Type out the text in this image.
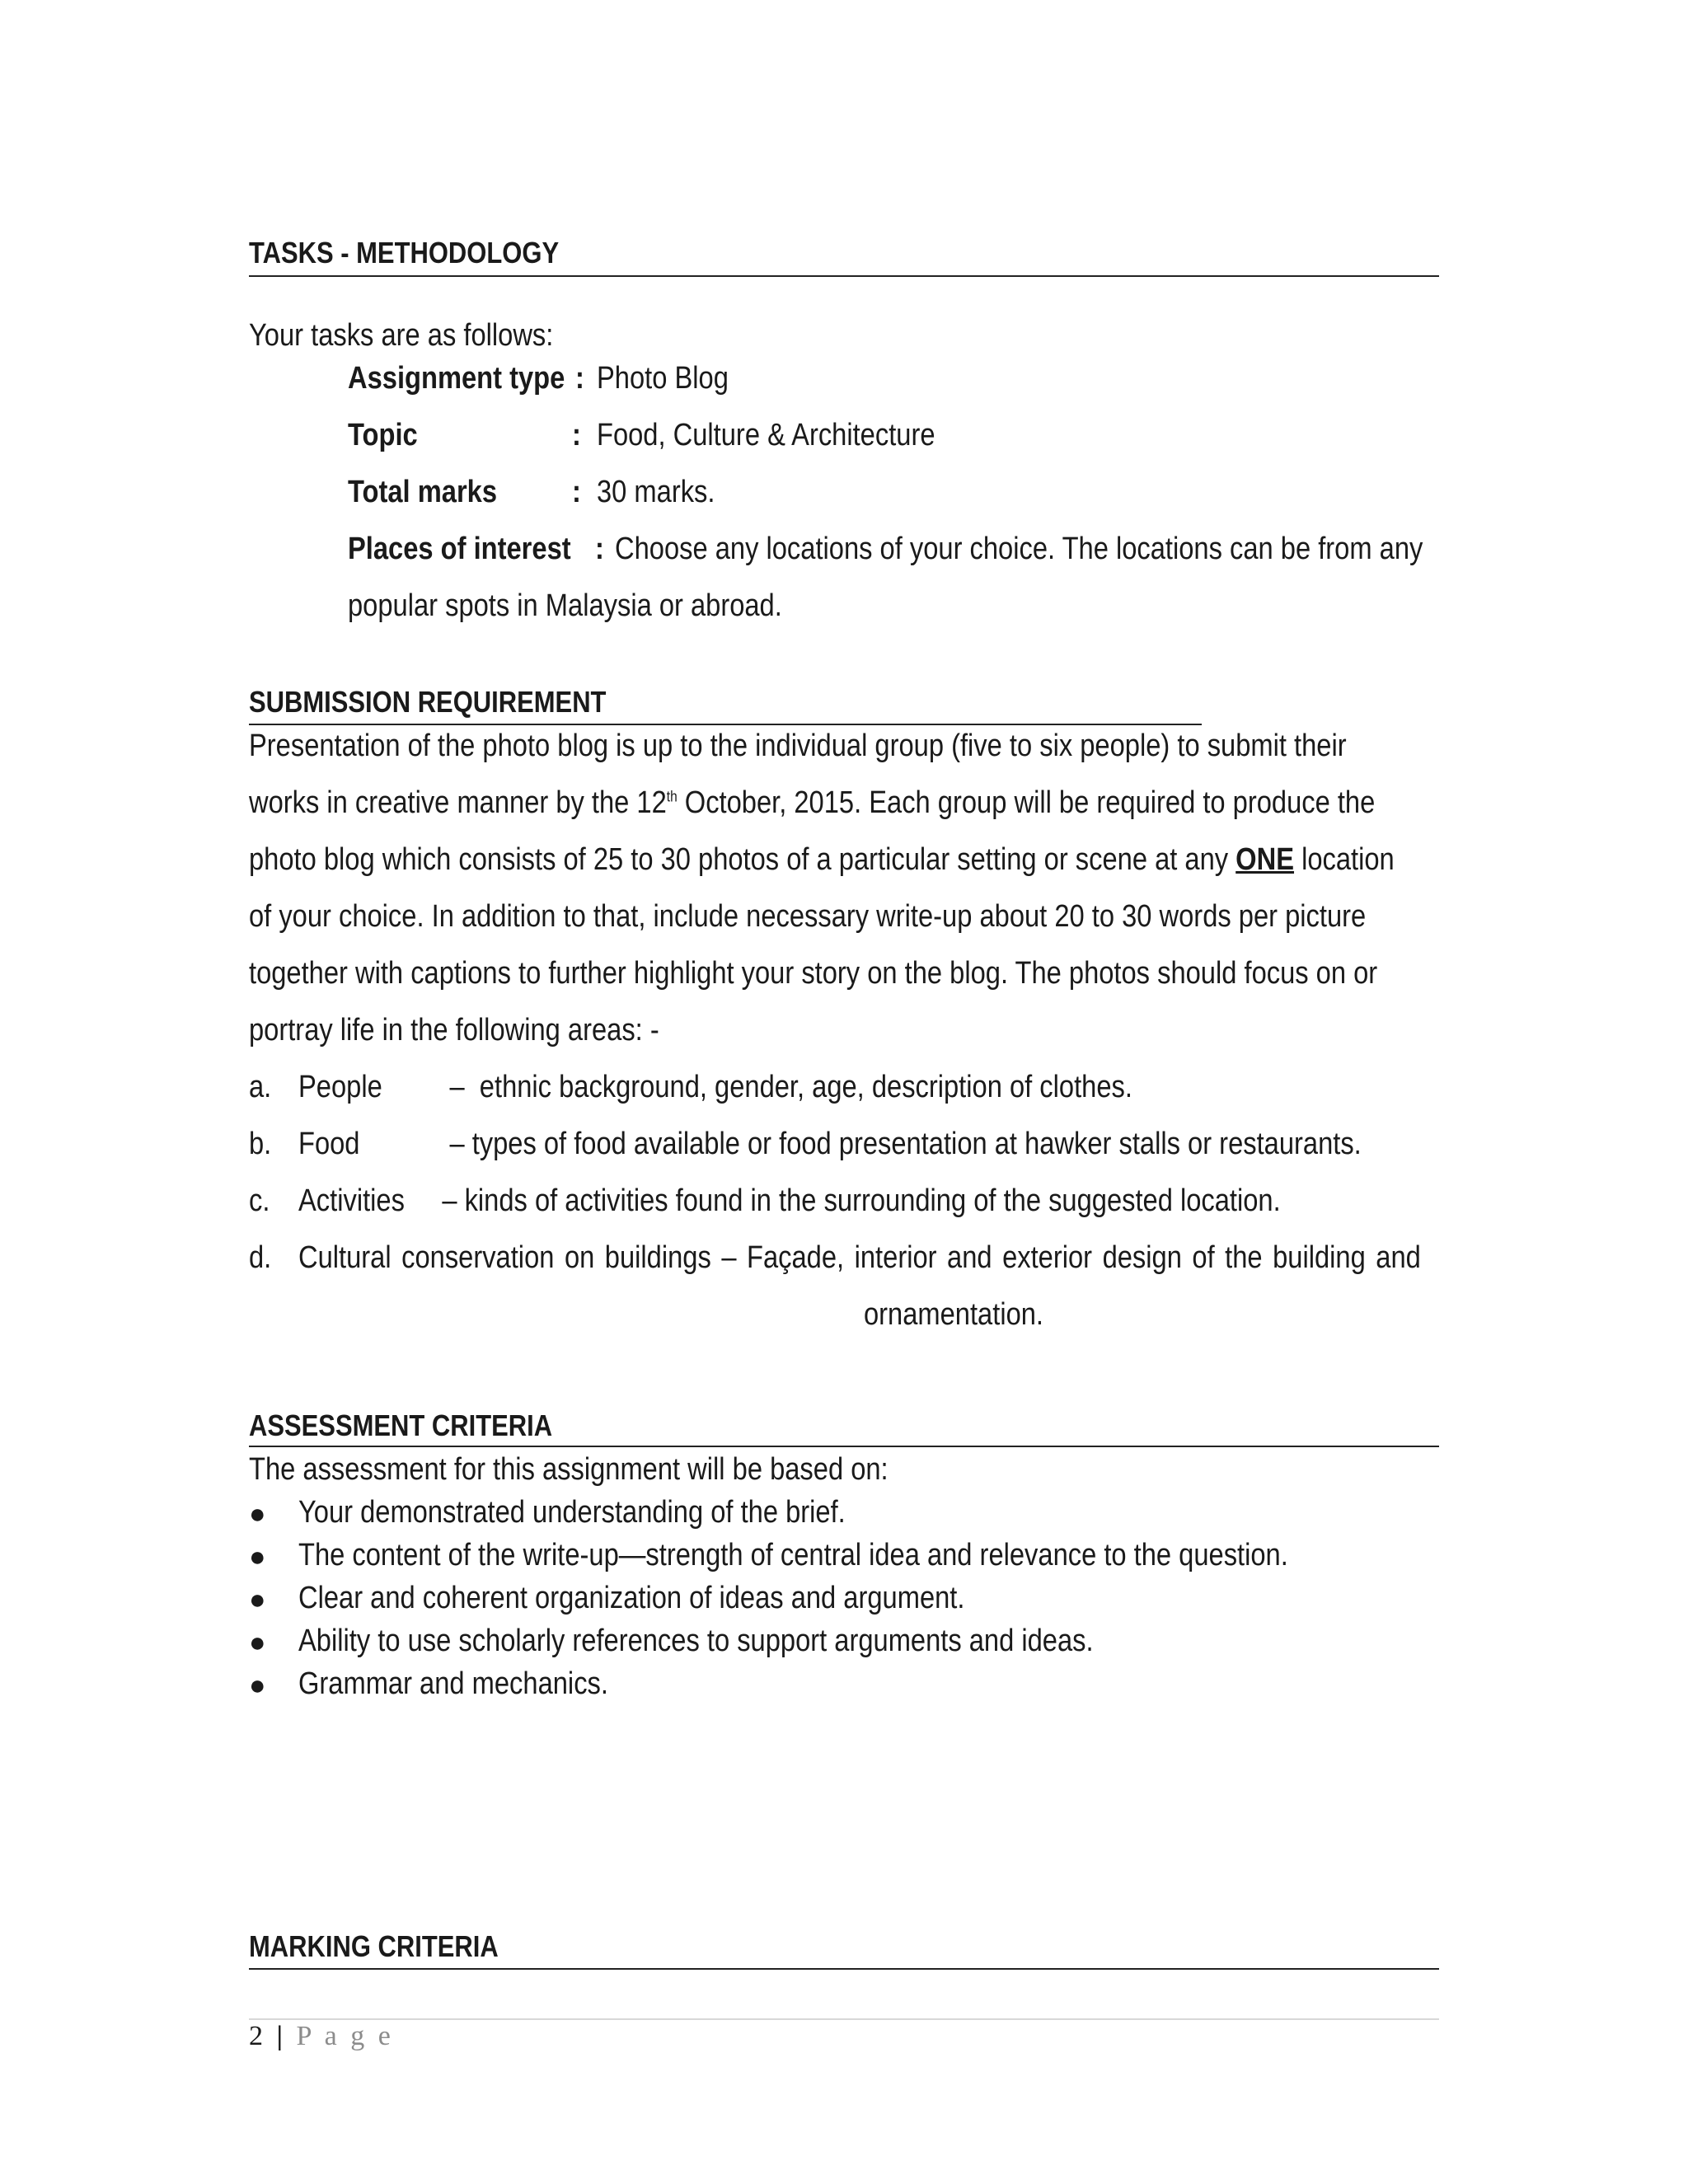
TASKS - METHODOLOGY
Your tasks are as follows:
Assignment type : Photo Blog
Topic	: Food, Culture & Architecture
Total marks : 30 marks.
Places of interest : Choose any locations of your choice. The locations can be from any
popular spots in Malaysia or abroad.
SUBMISSION REQUIREMENT
Presentation of the photo blog is up to the individual group (five to six people) to submit their
works in creative manner by the 12th October, 2015. Each group will be required to produce the
photo blog which consists of 25 to 30 photos of a particular setting or scene at any ONE location
of your choice. In addition to that, include necessary write-up about 20 to 30 words per picture
together with captions to further highlight your story on the blog. The photos should focus on or
portray life in the following areas: -
a. People         –  ethnic background, gender, age, description of clothes.
b. Food            – types of food available or food presentation at hawker stalls or restaurants.
c. Activities     – kinds of activities found in the surrounding of the suggested location.
d. Cultural conservation on buildings – Façade, interior and exterior design of the building and
ornamentation.
ASSESSMENT CRITERIA
The assessment for this assignment will be based on:
● Your demonstrated understanding of the brief.
● The content of the write-up—strength of central idea and relevance to the question.
● Clear and coherent organization of ideas and argument.
● Ability to use scholarly references to support arguments and ideas.
● Grammar and mechanics.
MARKING CRITERIA
2 | P a g e
